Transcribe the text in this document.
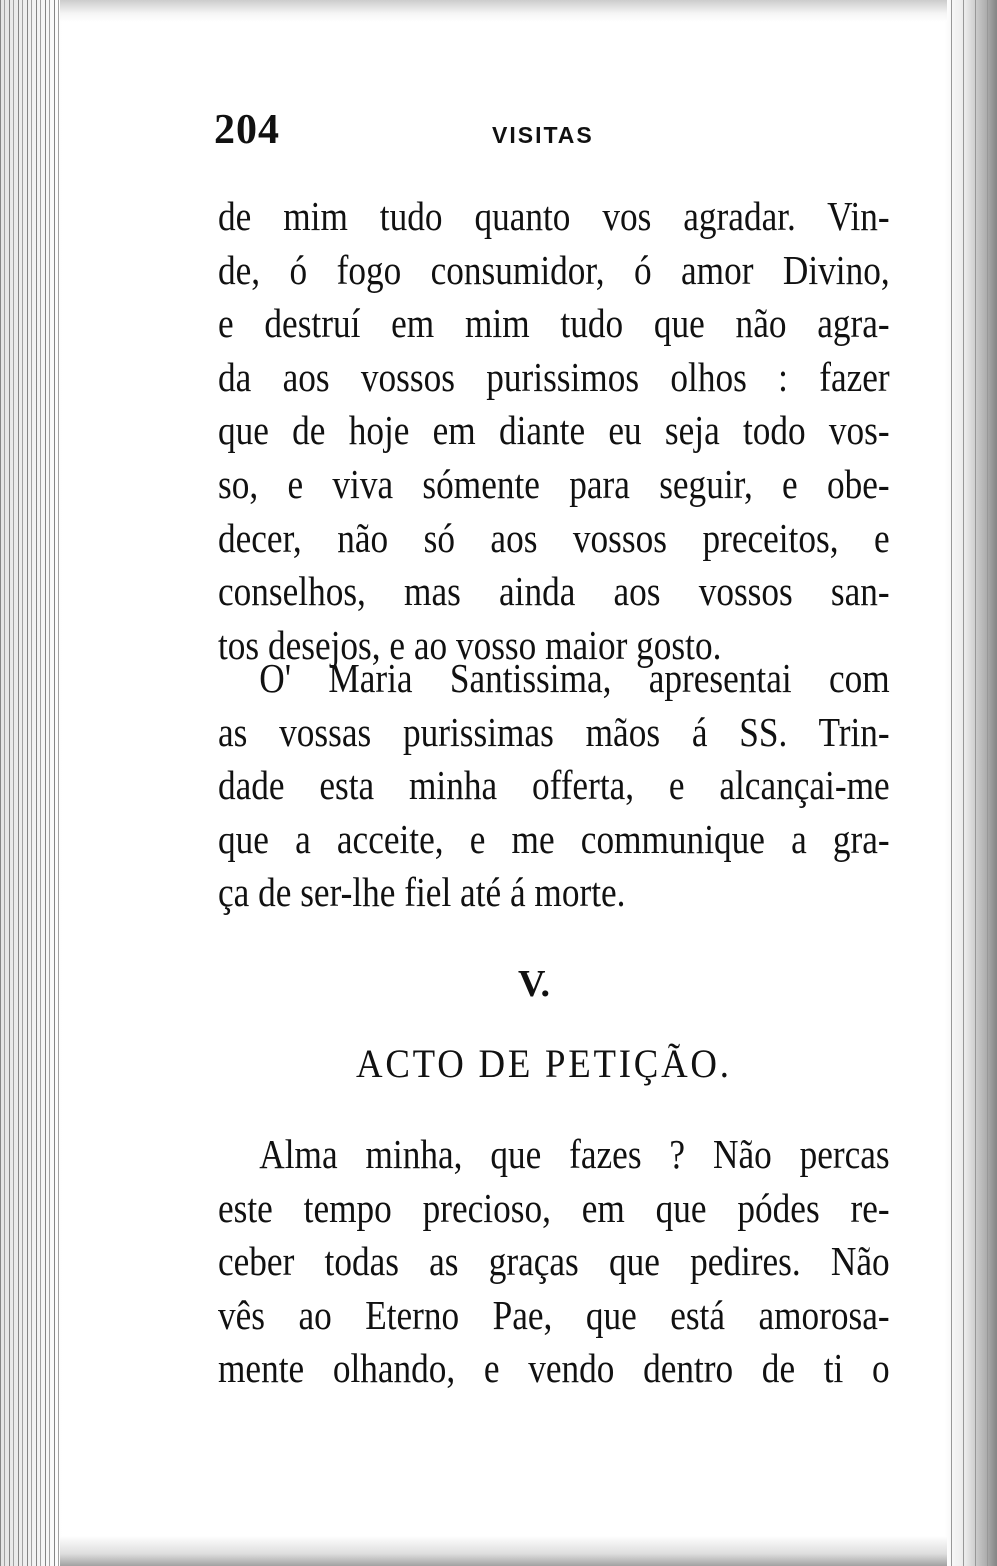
204	VISITAS
de mim tudo quanto vos agradar. Vin-
de, ó fogo consumidor, ó amor Divino,
e destruí em mim tudo que não agra-
da aos vossos purissimos olhos : fazer
que de hoje em diante eu seja todo vos-
so, e viva sómente para seguir, e obe-
decer, não só aos vossos preceitos, e
conselhos, mas ainda aos vossos san-
tos desejos, e ao vosso maior gosto.
O' Maria Santissima, apresentai com
as vossas purissimas mãos á SS. Trin-
dade esta minha offerta, e alcançai-me
que a acceite, e me communique a gra-
ça de ser-lhe fiel até á morte.
V.
ACTO DE PETIÇÃO.
Alma minha, que fazes ? Não percas
este tempo precioso, em que pódes re-
ceber todas as graças que pedires. Não
vês ao Eterno Pae, que está amorosa-
mente olhando, e vendo dentro de ti o
